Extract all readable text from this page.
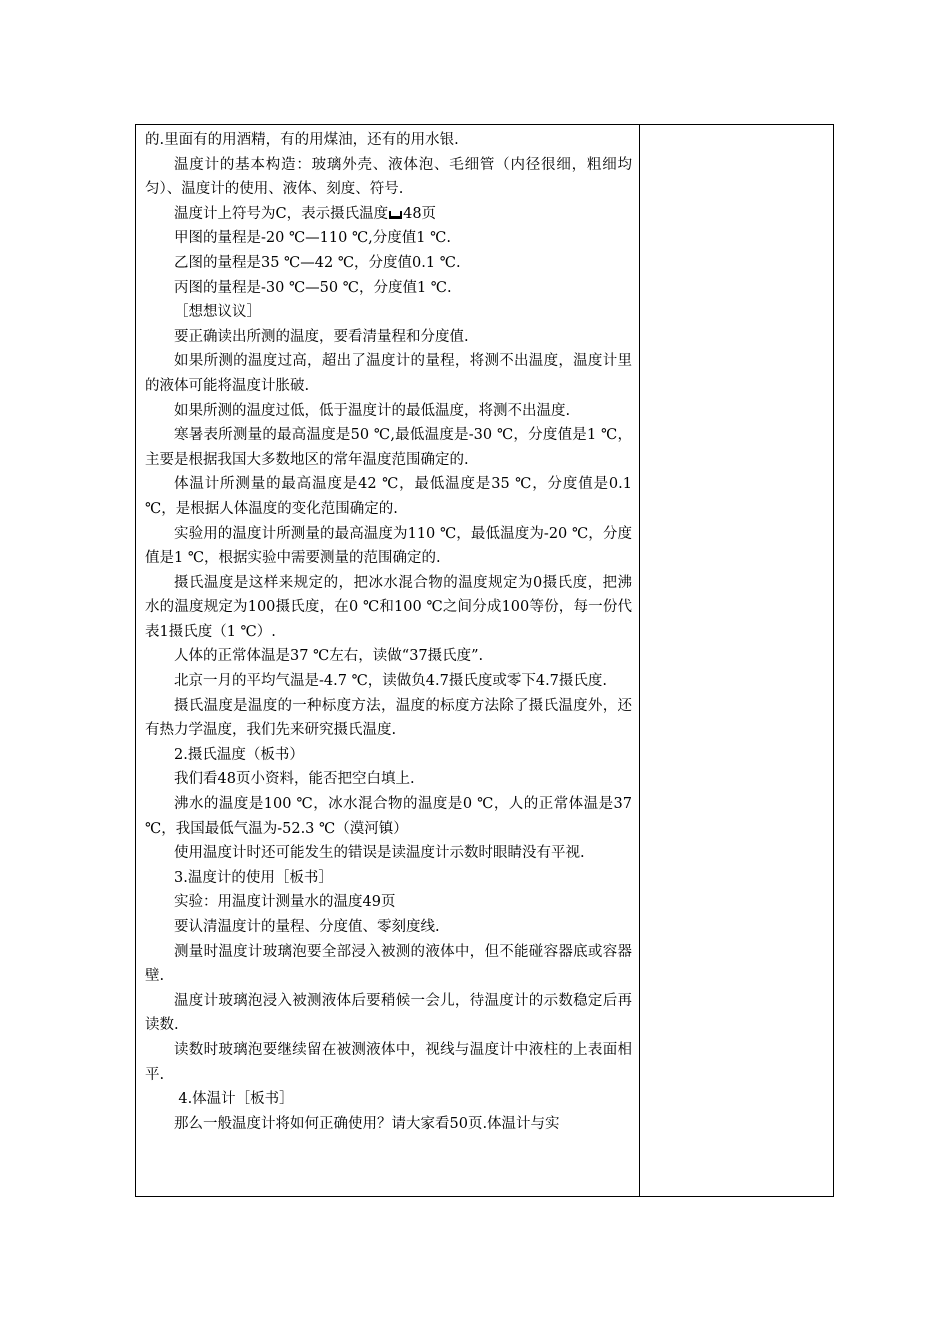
的.里面有的用酒精，有的用煤油，还有的用水银.

温度计的基本构造：玻璃外壳、液体泡、毛细管（内径很细，粗细均匀）、温度计的使用、液体、刻度、符号.

温度计上符号为C，表示摄氏温度 48页

甲图的量程是-20 ℃—110 ℃,分度值1 ℃.

乙图的量程是35 ℃—42 ℃，分度值0.1 ℃.

丙图的量程是-30 ℃—50 ℃，分度值1 ℃.

［想想议议］

要正确读出所测的温度，要看清量程和分度值.

如果所测的温度过高，超出了温度计的量程，将测不出温度，温度计里的液体可能将温度计胀破.

如果所测的温度过低，低于温度计的最低温度，将测不出温度.

寒暑表所测量的最高温度是50 ℃,最低温度是-30 ℃，分度值是1 ℃，主要是根据我国大多数地区的常年温度范围确定的.

体温计所测量的最高温度是42 ℃，最低温度是35 ℃，分度值是0.1 ℃，是根据人体温度的变化范围确定的.

实验用的温度计所测量的最高温度为110 ℃，最低温度为-20 ℃，分度值是1 ℃，根据实验中需要测量的范围确定的.

摄氏温度是这样来规定的，把冰水混合物的温度规定为0摄氏度，把沸水的温度规定为100摄氏度，在0 ℃和100 ℃之间分成100等份，每一份代表1摄氏度（1 ℃）.

人体的正常体温是37 ℃左右，读做“37摄氏度”.

北京一月的平均气温是-4.7 ℃，读做负4.7摄氏度或零下4.7摄氏度.

摄氏温度是温度的一种标度方法，温度的标度方法除了摄氏温度外，还有热力学温度，我们先来研究摄氏温度.

2.摄氏温度（板书）

我们看48页小资料，能否把空白填上.

沸水的温度是100 ℃，冰水混合物的温度是0 ℃，人的正常体温是37 ℃，我国最低气温为-52.3 ℃（漠河镇）

使用温度计时还可能发生的错误是读温度计示数时眼睛没有平视.

3.温度计的使用［板书］

实验：用温度计测量水的温度49页

要认清温度计的量程、分度值、零刻度线.

测量时温度计玻璃泡要全部浸入被测的液体中，但不能碰容器底或容器壁.

温度计玻璃泡浸入被测液体后要稍候一会儿，待温度计的示数稳定后再读数.

读数时玻璃泡要继续留在被测液体中，视线与温度计中液柱的上表面相平.

4.体温计［板书］

那么一般温度计将如何正确使用？请大家看50页.体温计与实
